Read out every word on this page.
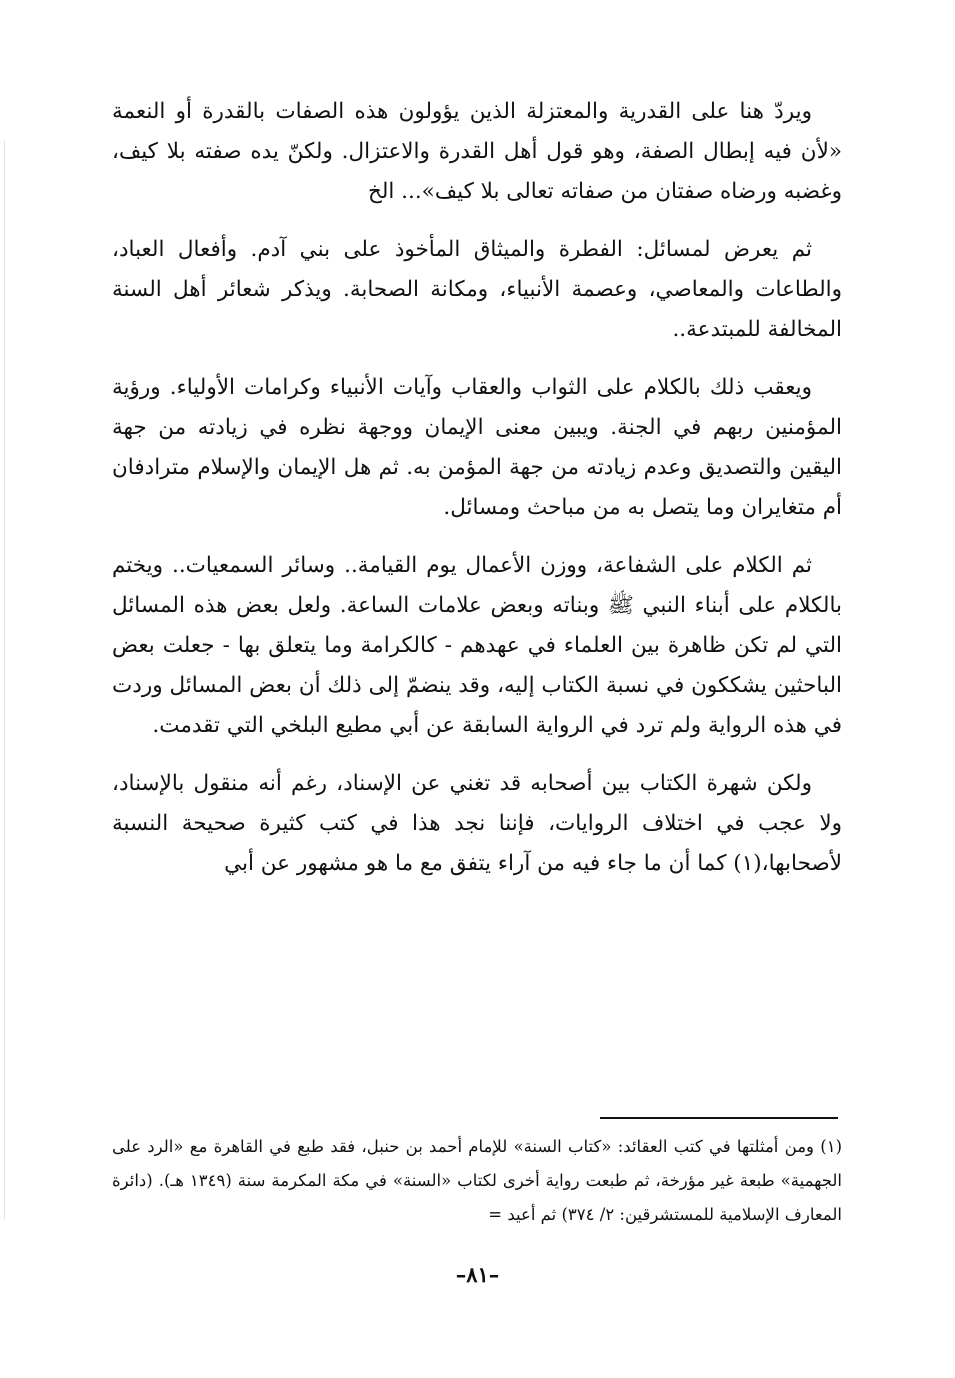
ويردّ هنا على القدرية والمعتزلة الذين يؤولون هذه الصفات بالقدرة أو النعمة «لأن فيه إبطال الصفة، وهو قول أهل القدرة والاعتزال. ولكنّ يده صفته بلا كيف، وغضبه ورضاه صفتان من صفاته تعالى بلا كيف»... الخ

ثم يعرض لمسائل: الفطرة والميثاق المأخوذ على بني آدم. وأفعال العباد، والطاعات والمعاصي، وعصمة الأنبياء، ومكانة الصحابة. ويذكر شعائر أهل السنة المخالفة للمبتدعة..

ويعقب ذلك بالكلام على الثواب والعقاب وآيات الأنبياء وكرامات الأولياء. ورؤية المؤمنين ربهم في الجنة. ويبين معنى الإيمان ووجهة نظره في زيادته من جهة اليقين والتصديق وعدم زيادته من جهة المؤمن به. ثم هل الإيمان والإسلام مترادفان أم متغايران وما يتصل به من مباحث ومسائل.

ثم الكلام على الشفاعة، ووزن الأعمال يوم القيامة.. وسائر السمعيات.. ويختم بالكلام على أبناء النبي ﷺ وبناته وبعض علامات الساعة. ولعل بعض هذه المسائل التي لم تكن ظاهرة بين العلماء في عهدهم - كالكرامة وما يتعلق بها - جعلت بعض الباحثين يشككون في نسبة الكتاب إليه، وقد ينضمّ إلى ذلك أن بعض المسائل وردت في هذه الرواية ولم ترد في الرواية السابقة عن أبي مطيع البلخي التي تقدمت.

ولكن شهرة الكتاب بين أصحابه قد تغني عن الإسناد، رغم أنه منقول بالإسناد، ولا عجب في اختلاف الروايات، فإننا نجد هذا في كتب كثيرة صحيحة النسبة لأصحابها،(١) كما أن ما جاء فيه من آراء يتفق مع ما هو مشهور عن أبي

(١) ومن أمثلتها في كتب العقائد: «كتاب السنة» للإمام أحمد بن حنبل، فقد طبع في القاهرة مع «الرد على الجهمية» طبعة غير مؤرخة، ثم طبعت رواية أخرى لكتاب «السنة» في مكة المكرمة سنة (١٣٤٩ هـ). (دائرة المعارف الإسلامية للمستشرقين: ٢/ ٣٧٤) ثم أعيد =

–٨١–
